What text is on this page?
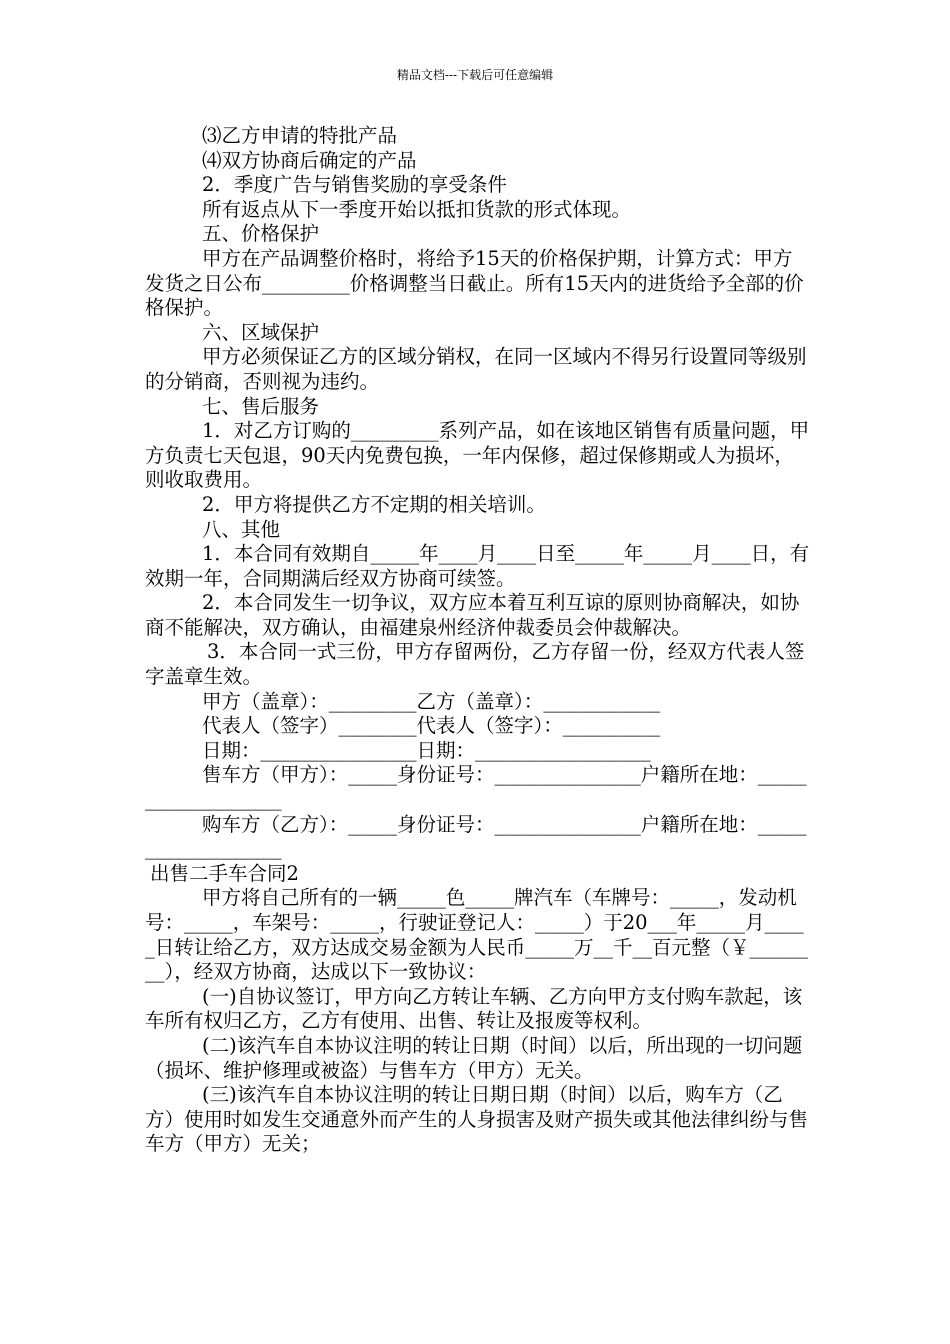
精品文档---下载后可任意编辑

⑶乙方申请的特批产品

⑷双方协商后确定的产品

2．季度广告与销售奖励的享受条件

所有返点从下一季度开始以抵扣货款的形式体现。

五、价格保护

甲方在产品调整价格时，将给予15天的价格保护期，计算方式：甲方发货之日公布_________价格调整当日截止。所有15天内的进货给予全部的价格保护。

六、区域保护

甲方必须保证乙方的区域分销权，在同一区域内不得另行设置同等级别的分销商，否则视为违约。

七、售后服务

1．对乙方订购的_________系列产品，如在该地区销售有质量问题，甲方负责七天包退，90天内免费包换，一年内保修，超过保修期或人为损坏，则收取费用。

2．甲方将提供乙方不定期的相关培训。

八、其他

1．本合同有效期自_____年____月____日至_____年_____月____日，有效期一年，合同期满后经双方协商可续签。

2．本合同发生一切争议，双方应本着互利互谅的原则协商解决，如协商不能解决，双方确认，由福建泉州经济仲裁委员会仲裁解决。

3．本合同一式三份，甲方存留两份，乙方存留一份，经双方代表人签字盖章生效。

甲方（盖章）：_________乙方（盖章）：____________

代表人（签字）________代表人（签字）：__________

日期：________________日期：__________________

售车方（甲方）：_____身份证号：_______________户籍所在地：___________________

购车方（乙方）：_____身份证号：_______________户籍所在地：___________________

出售二手车合同2

甲方将自己所有的一辆_____色_____牌汽车（车牌号：_____，发动机号：_____，车架号：_____，行驶证登记人：_____）于20___年_____月_____日转让给乙方，双方达成交易金额为人民币_____万__千__百元整（￥________），经双方协商，达成以下一致协议：

(一)自协议签订，甲方向乙方转让车辆、乙方向甲方支付购车款起，该车所有权归乙方，乙方有使用、出售、转让及报废等权利。

(二)该汽车自本协议注明的转让日期（时间）以后，所出现的一切问题（损坏、维护修理或被盗）与售车方（甲方）无关。

(三)该汽车自本协议注明的转让日期日期（时间）以后，购车方（乙方）使用时如发生交通意外而产生的人身损害及财产损失或其他法律纠纷与售车方（甲方）无关；
